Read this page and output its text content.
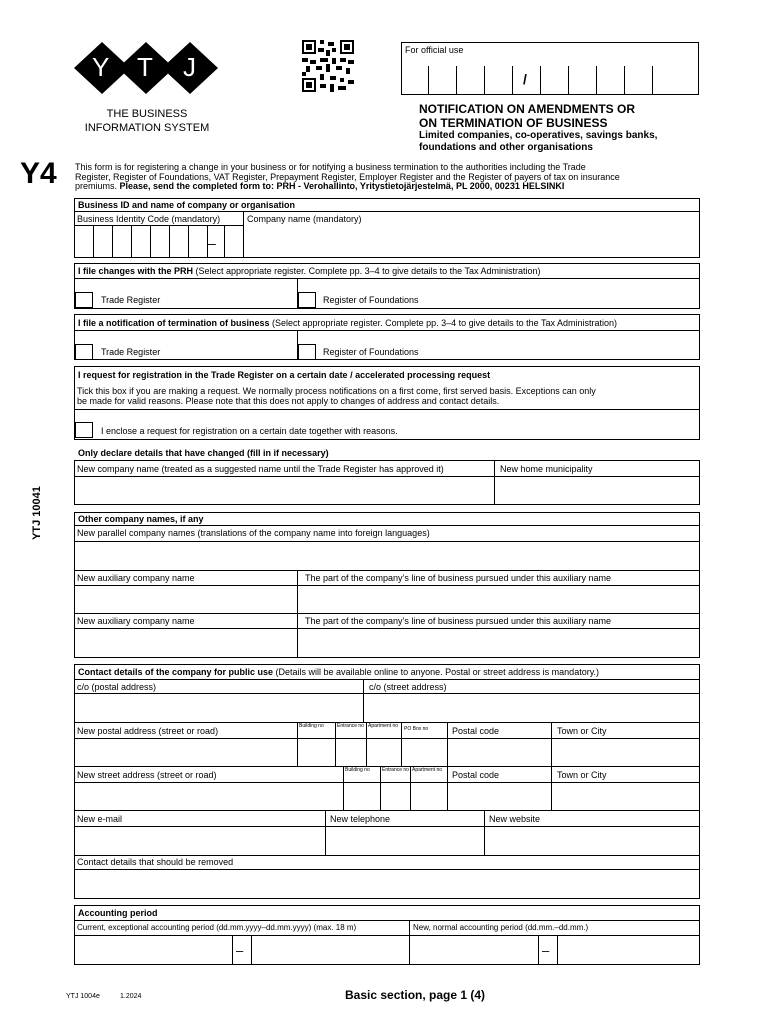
Y T J
THE BUSINESS
INFORMATION SYSTEM
For official use
/
NOTIFICATION ON AMENDMENTS OR
ON TERMINATION OF BUSINESS
Limited companies, co-operatives, savings banks,
foundations and other organisations
Y4
YTJ 10041
This form is for registering a change in your business or for notifying a business termination to the authorities including the Trade
Register, Register of Foundations, VAT Register, Prepayment Register, Employer Register and the Register of payers of tax on insurance
premiums. Please, send the completed form to: PRH - Verohallinto, Yritystietojärjestelmä, PL 2000, 00231 HELSINKI
Business ID and name of company or organisation
Business Identity Code (mandatory)	Company name (mandatory)
–
I file changes with the PRH (Select appropriate register. Complete pp. 3–4 to give details to the Tax Administration)
Trade Register	Register of Foundations
I file a notification of termination of business (Select appropriate register. Complete pp. 3–4 to give details to the Tax Administration)
Trade Register	Register of Foundations
I request for registration in the Trade Register on a certain date / accelerated processing request
Tick this box if you are making a request. We normally process notifications on a first come, first served basis. Exceptions can only
be made for valid reasons. Please note that this does not apply to changes of address and contact details.
I enclose a request for registration on a certain date together with reasons.
Only declare details that have changed (fill in if necessary)
New company name (treated as a suggested name until the Trade Register has approved it)	New home municipality
Other company names, if any
New parallel company names (translations of the company name into foreign languages)
New auxiliary company name	The part of the company’s line of business pursued under this auxiliary name
New auxiliary company name	The part of the company’s line of business pursued under this auxiliary name
Contact details of the company for public use (Details will be available online to anyone. Postal or street address is mandatory.)
c/o (postal address)	c/o (street address)
New postal address (street or road)	Building no	Entrance no Apartment no	PO Box no	Postal code	Town or City
New street address (street or road)	Building no	Entrance no Apartment no	Postal code	Town or City
New e-mail	New telephone	New website
Contact details that should be removed
Accounting period
Current, exceptional accounting period (dd.mm.yyyy–dd.mm.yyyy) (max. 18 m)	New, normal accounting period (dd.mm.–dd.mm.)
–	–
YTJ 1004e	1.2024	Basic section, page 1 (4)
